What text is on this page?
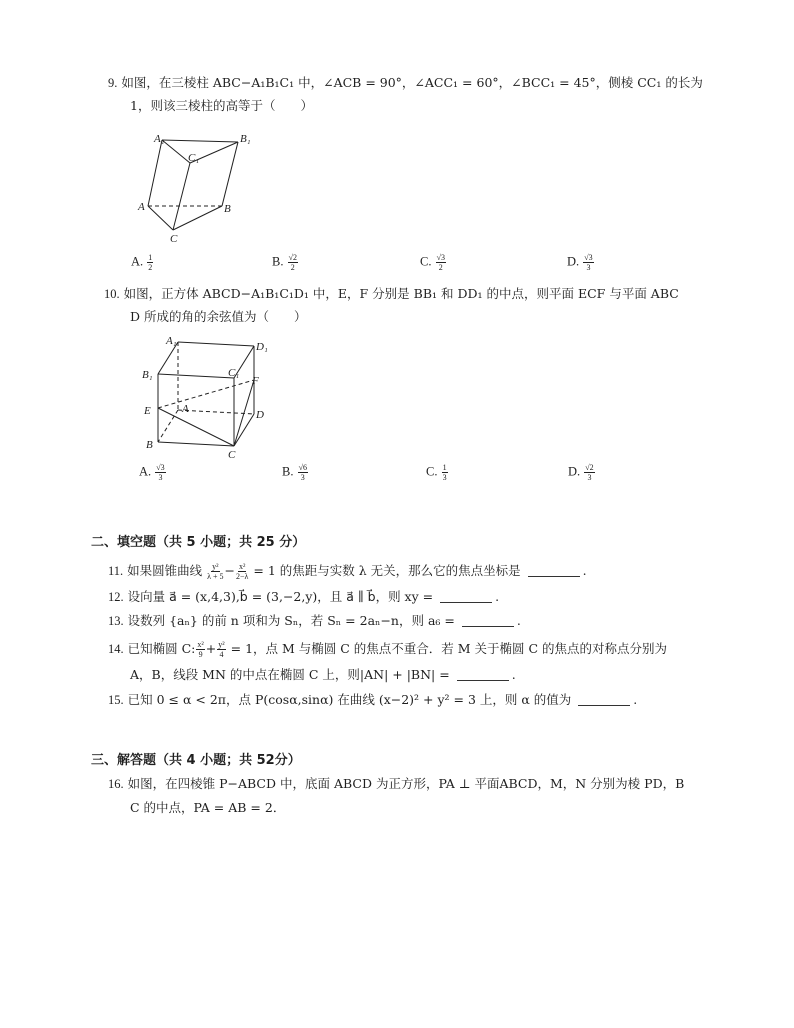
9. 如图，在三棱柱 ABC−A₁B₁C₁ 中，∠ACB = 90°，∠ACC₁ = 60°，∠BCC₁ = 45°，侧棱 CC₁ 的长为
1，则该三棱柱的高等于（　　）
A₁	B₁
C₁
A	B
C
A. $\frac{1}{2}$	B. $\frac{√2}{2}$	C. $\frac{√3}{2}$	D. $\frac{√3}{3}$
10. 如图，正方体 ABCD−A₁B₁C₁D₁ 中，E，F 分别是 BB₁ 和 DD₁ 的中点，则平面 ECF 与平面 ABC
D 所成的角的余弦值为（　　）
A₁	D₁
B₁	C₁
F
E	A	D
B
C
A. $\frac{√3}{3}$	B. $\frac{√6}{3}$	C. $\frac{1}{3}$	D. $\frac{√2}{3}$
二、填空题（共 5 小题；共 25 分）
11. 如果圆锥曲线 $\frac{\text{y²}}{\lambda + 5} - \frac{\text{x²}}{2-\lambda} = 1$ 的焦距与实数 λ 无关，那么它的焦点坐标是	.
12. 设向量 a⃗ = (x,4,3),b⃗ = (3,−2,y)，且 a⃗ ∥ b⃗，则 xy =	.
13. 设数列 {aₙ} 的前 n 项和为 Sₙ，若 Sₙ = 2aₙ−n，则 a₆ =	.
14. 已知椭圆 C: $\frac{\text{x²}}{9} + \frac{\text{y²}}{4} = 1$，点 M 与椭圆 C 的焦点不重合．若 M 关于椭圆 C 的焦点的对称点分别为
A，B，线段 MN 的中点在椭圆 C 上，则|AN| + |BN| =	.
15. 已知 0 ≤ α < 2π，点 P(cosα,sinα) 在曲线 (x−2)² + y² = 3 上，则 α 的值为	.
三、解答题（共 4 小题；共 52分）
16. 如图，在四棱锥 P−ABCD 中，底面 ABCD 为正方形，PA ⊥ 平面ABCD，M，N 分别为棱 PD，B
C 的中点，PA = AB = 2．
